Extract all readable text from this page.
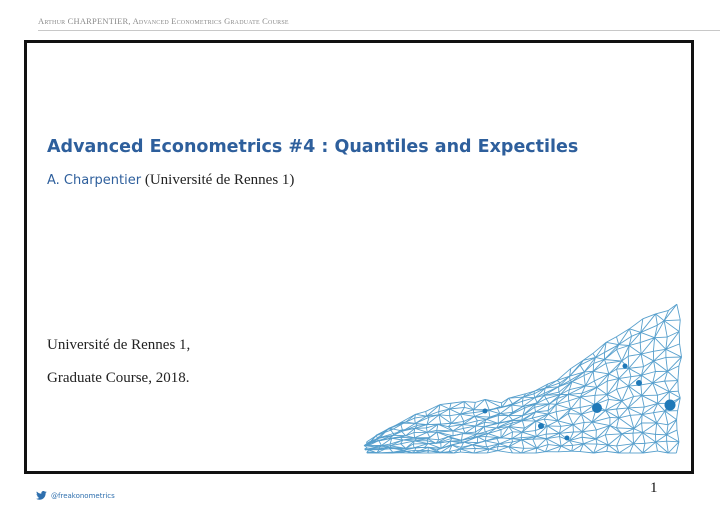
Arthur CHARPENTIER, Advanced Econometrics Graduate Course
Advanced Econometrics #4 : Quantiles and Expectiles
A. Charpentier (Université de Rennes 1)
Université de Rennes 1,
Graduate Course, 2018.
@freakonometrics	1
